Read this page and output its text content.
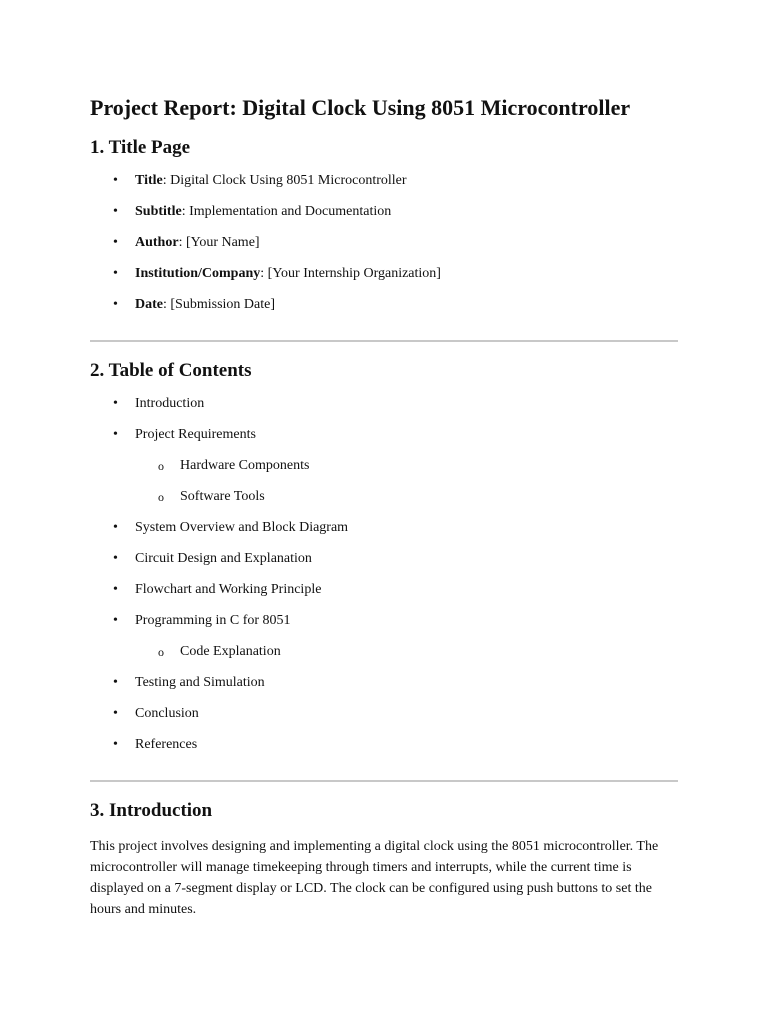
Project Report: Digital Clock Using 8051 Microcontroller
1. Title Page
• Title: Digital Clock Using 8051 Microcontroller
• Subtitle: Implementation and Documentation
• Author: [Your Name]
• Institution/Company: [Your Internship Organization]
• Date: [Submission Date]
2. Table of Contents
• Introduction
• Project Requirements
o Hardware Components
o Software Tools
• System Overview and Block Diagram
• Circuit Design and Explanation
• Flowchart and Working Principle
• Programming in C for 8051
o Code Explanation
• Testing and Simulation
• Conclusion
• References
3. Introduction

This project involves designing and implementing a digital clock using the 8051 microcontroller. The microcontroller will manage timekeeping through timers and interrupts, while the current time is displayed on a 7-segment display or LCD. The clock can be configured using push buttons to set the hours and minutes.
